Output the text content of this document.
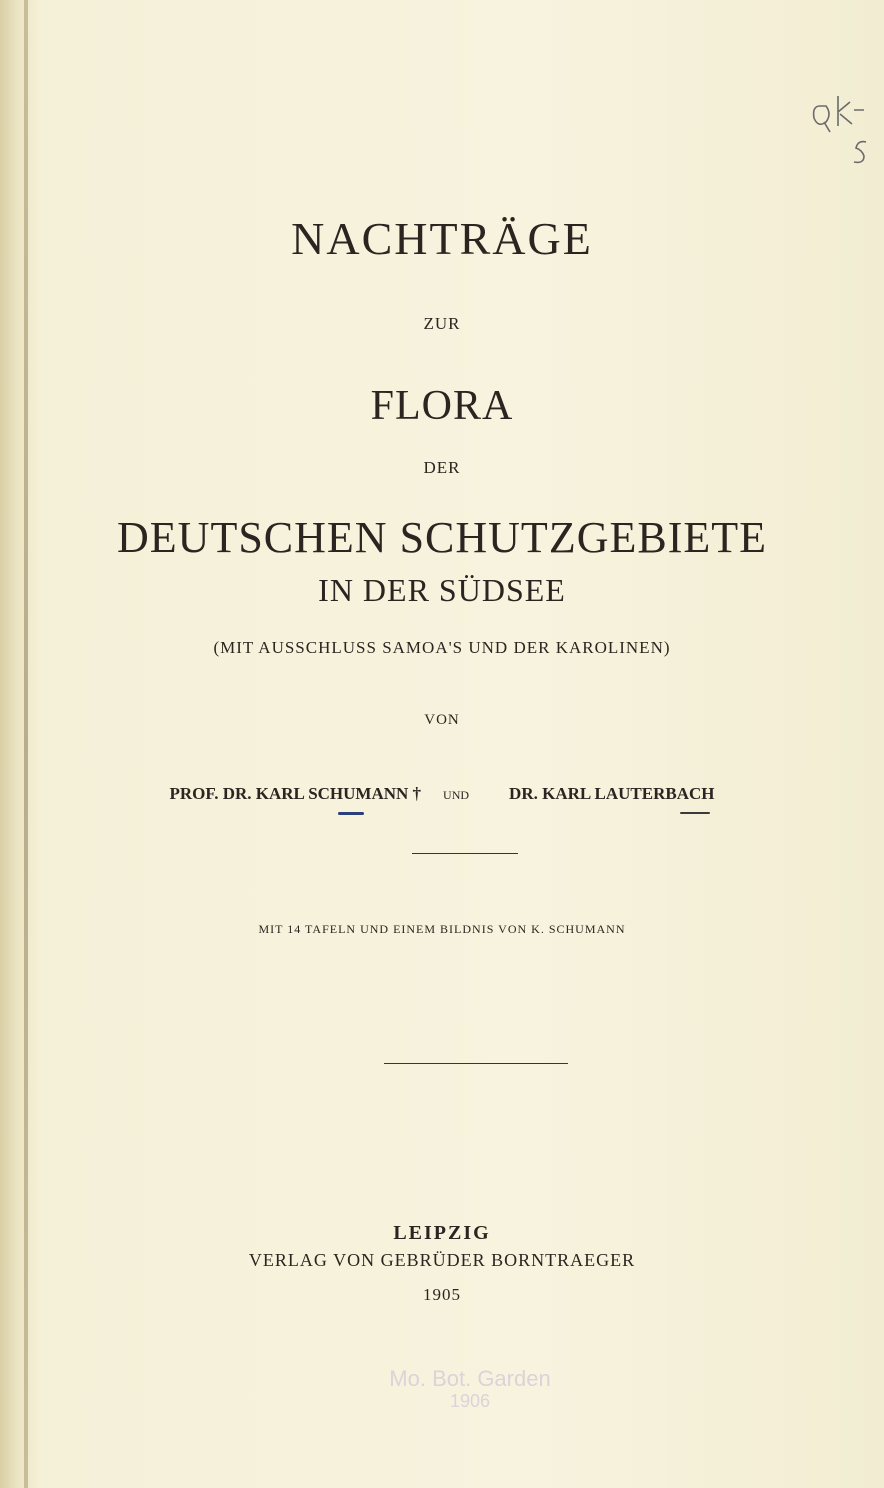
NACHTRÄGE
ZUR
FLORA
DER
DEUTSCHEN SCHUTZGEBIETE
IN DER SÜDSEE
(MIT AUSSCHLUSS SAMOA'S UND DER KAROLINEN)
VON
PROF. DR. KARL SCHUMANN † UND DR. KARL LAUTERBACH
MIT 14 TAFELN UND EINEM BILDNIS VON K. SCHUMANN
LEIPZIG
VERLAG VON GEBRÜDER BORNTRAEGER
1905
Mo. Bot. Garden
1906
